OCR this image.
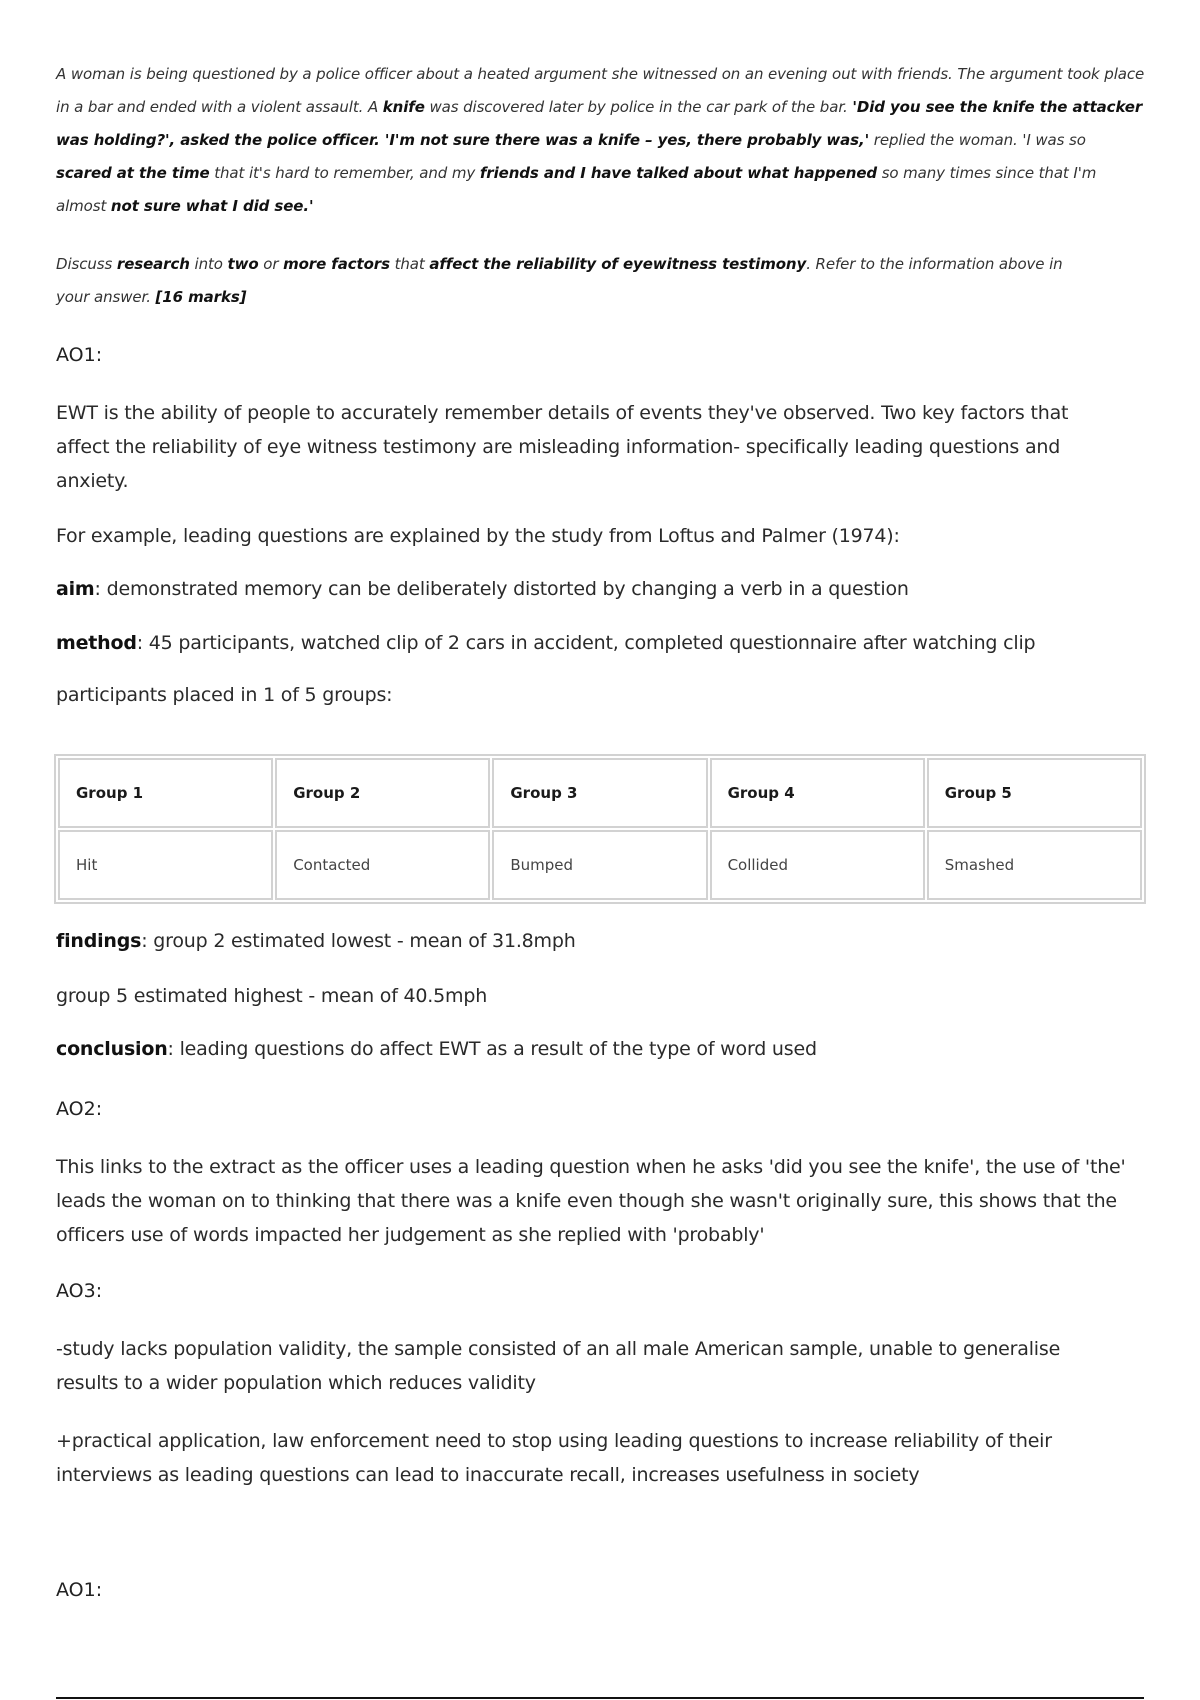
A woman is being questioned by a police officer about a heated argument she witnessed on an evening out with friends. The argument took place in a bar and ended with a violent assault. A knife was discovered later by police in the car park of the bar. 'Did you see the knife the attacker was holding?', asked the police officer. 'I'm not sure there was a knife – yes, there probably was,' replied the woman. 'I was so scared at the time that it's hard to remember, and my friends and I have talked about what happened so many times since that I'm almost not sure what I did see.'

Discuss research into two or more factors that affect the reliability of eyewitness testimony. Refer to the information above in your answer. [16 marks]

AO1:

EWT is the ability of people to accurately remember details of events they've observed. Two key factors that affect the reliability of eye witness testimony are misleading information- specifically leading questions and anxiety.

For example, leading questions are explained by the study from Loftus and Palmer (1974):

aim: demonstrated memory can be deliberately distorted by changing a verb in a question

method: 45 participants, watched clip of 2 cars in accident, completed questionnaire after watching clip

participants placed in 1 of 5 groups:

Group 1	Group 2	Group 3	Group 4	Group 5
Hit	Contacted	Bumped	Collided	Smashed

findings: group 2 estimated lowest - mean of 31.8mph

group 5 estimated highest - mean of 40.5mph

conclusion: leading questions do affect EWT as a result of the type of word used

AO2:

This links to the extract as the officer uses a leading question when he asks 'did you see the knife', the use of 'the' leads the woman on to thinking that there was a knife even though she wasn't originally sure, this shows that the officers use of words impacted her judgement as she replied with 'probably'

AO3:

-study lacks population validity, the sample consisted of an all male American sample, unable to generalise results to a wider population which reduces validity

+practical application, law enforcement need to stop using leading questions to increase reliability of their interviews as leading questions can lead to inaccurate recall, increases usefulness in society

AO1:
